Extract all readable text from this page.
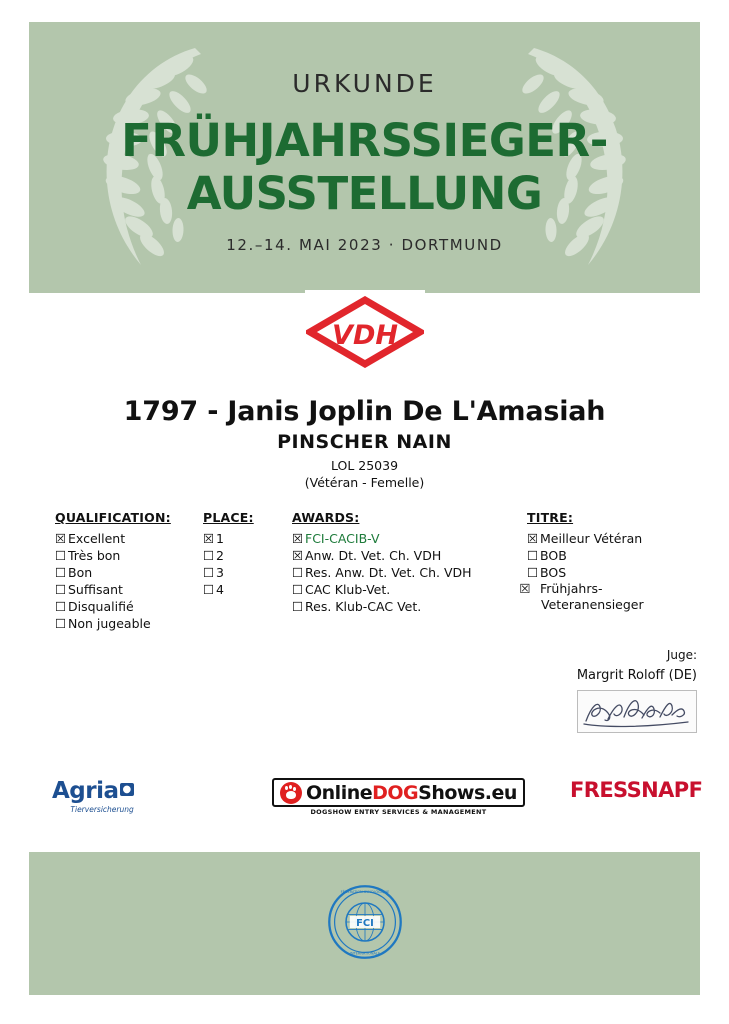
URKUNDE
FRÜHJAHRSSIEGER-
AUSSTELLUNG
12.–14. MAI 2023 · DORTMUND
VDH
1797 - Janis Joplin De L'Amasiah
PINSCHER NAIN
LOL 25039
(Vétéran - Femelle)
QUALIFICATION:
☒ Excellent
☐ Très bon
☐ Bon
☐ Suffisant
☐ Disqualifié
☐ Non jugeable
PLACE:
☒ 1
☐ 2
☐ 3
☐ 4
AWARDS:
☒ FCI-CACIB-V
☒ Anw. Dt. Vet. Ch. VDH
☐ Res. Anw. Dt. Vet. Ch. VDH
☐ CAC Klub-Vet.
☐ Res. Klub-CAC Vet.
TITRE:
☒ Meilleur Vétéran
☐ BOB
☐ BOS
☒ Frühjahrs-Veteranensieger
Juge:
Margrit Roloff (DE)
Agria ●
Tierversicherung
OnlineDOGShows.eu
DOGSHOW ENTRY SERVICES & MANAGEMENT
FRESSNAPF
FCI
FÉDÉRATION CYNOLOGIQUE
INTERNATIONALE
